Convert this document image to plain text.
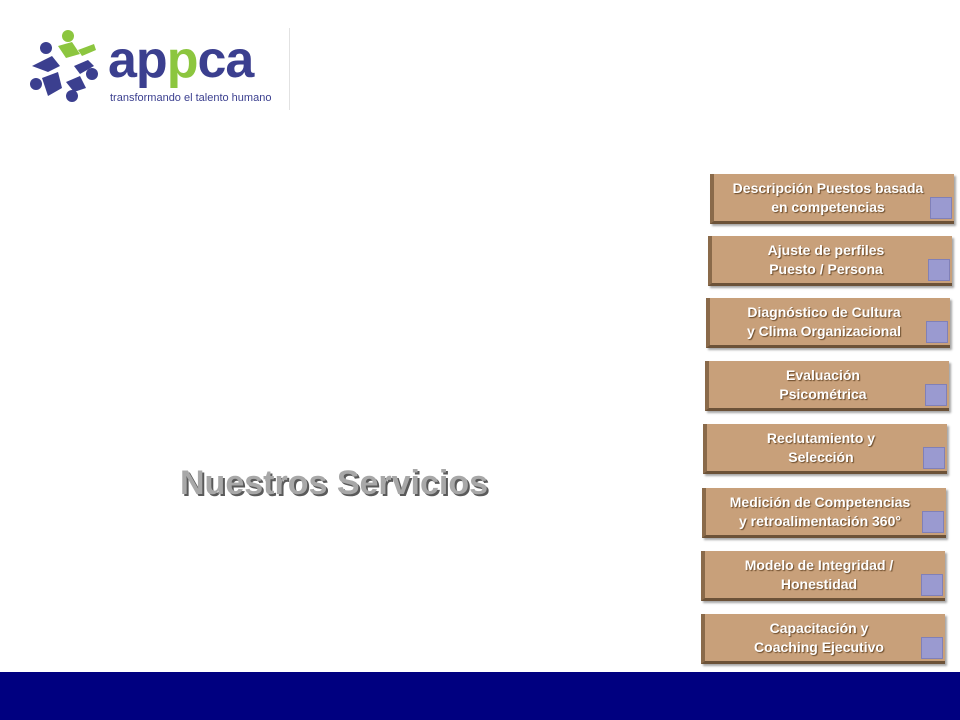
appca
transformando el talento humano
Nuestros Servicios
Descripción Puestos basada
en competencias
Ajuste de perfiles
Puesto / Persona
Diagnóstico de Cultura
y Clima Organizacional
Evaluación
Psicométrica
Reclutamiento y
Selección
Medición de Competencias
y retroalimentación 360°
Modelo de Integridad /
Honestidad
Capacitación y
Coaching Ejecutivo
